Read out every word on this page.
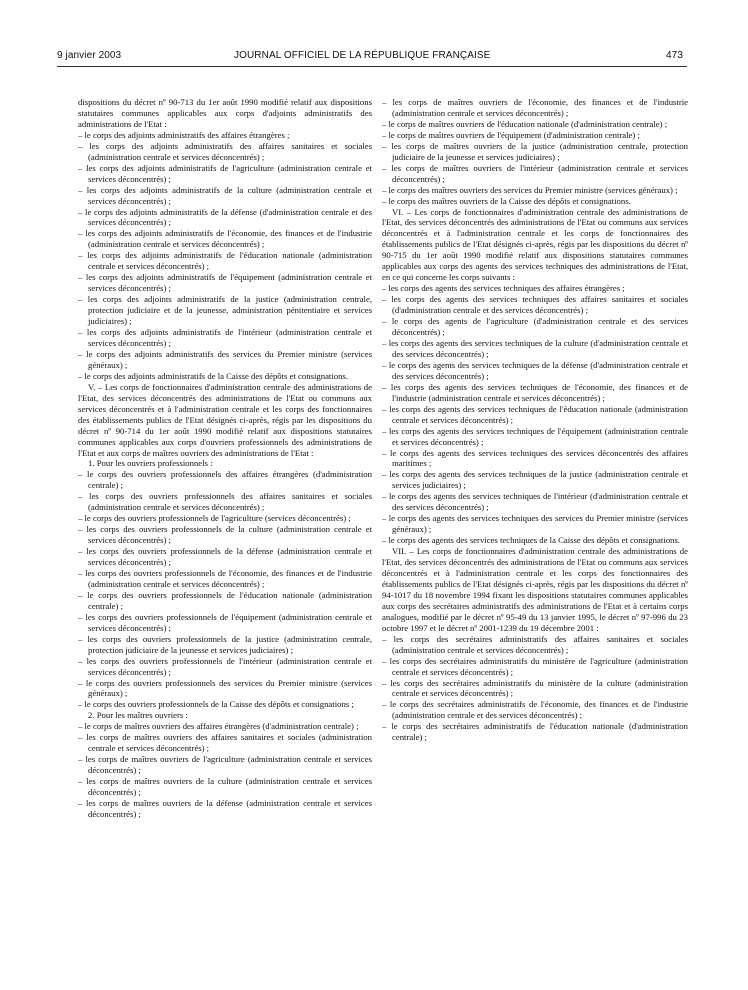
9 janvier 2003	JOURNAL OFFICIEL DE LA RÉPUBLIQUE FRANÇAISE	473

dispositions du décret nº 90-713 du 1er août 1990 modifié relatif aux dispositions statutaires communes applicables aux corps d'adjoints administratifs des administrations de l'Etat :

– le corps des adjoints administratifs des affaires étrangères ;

– les corps des adjoints administratifs des affaires sanitaires et sociales (administration centrale et services déconcentrés) ;

– les corps des adjoints administratifs de l'agriculture (administration centrale et services déconcentrés) ;

– les corps des adjoints administratifs de la culture (administration centrale et services déconcentrés) ;

– le corps des adjoints administratifs de la défense (d'administration centrale et des services déconcentrés) ;

– les corps des adjoints administratifs de l'économie, des finances et de l'industrie (administration centrale et services déconcentrés) ;

– les corps des adjoints administratifs de l'éducation nationale (administration centrale et services déconcentrés) ;

– les corps des adjoints administratifs de l'équipement (administration centrale et services déconcentrés) ;

– les corps des adjoints administratifs de la justice (administration centrale, protection judiciaire et de la jeunesse, administration pénitentiaire et services judiciaires) ;

– les corps des adjoints administratifs de l'intérieur (administration centrale et services déconcentrés) ;

– le corps des adjoints administratifs des services du Premier ministre (services généraux) ;

– le corps des adjoints administratifs de la Caisse des dépôts et consignations.

V. – Les corps de fonctionnaires d'administration centrale des administrations de l'Etat, des services déconcentrés des administrations de l'Etat ou communs aux services déconcentrés et à l'administration centrale et les corps des fonctionnaires des établissements publics de l'Etat désignés ci-après, régis par les dispositions du décret nº 90-714 du 1er août 1990 modifié relatif aux dispositions statutaires communes applicables aux corps d'ouvriers professionnels des administrations de l'Etat et aux corps de maîtres ouvriers des administrations de l'Etat :

1. Pour les ouvriers professionnels :

– le corps des ouvriers professionnels des affaires étrangères (d'administration centrale) ;

– les corps des ouvriers professionnels des affaires sanitaires et sociales (administration centrale et services déconcentrés) ;

– le corps des ouvriers professionnels de l'agriculture (services déconcentrés) ;

– les corps des ouvriers professionnels de la culture (administration centrale et services déconcentrés) ;

– les corps des ouvriers professionnels de la défense (administration centrale et services déconcentrés) ;

– les corps des ouvriers professionnels de l'économie, des finances et de l'industrie (administration centrale et services déconcentrés) ;

– le corps des ouvriers professionnels de l'éducation nationale (administration centrale) ;

– les corps des ouvriers professionnels de l'équipement (administration centrale et services déconcentrés) ;

– les corps des ouvriers professionnels de la justice (administration centrale, protection judiciaire de la jeunesse et services judiciaires) ;

– les corps des ouvriers professionnels de l'intérieur (administration centrale et services déconcentrés) ;

– le corps des ouvriers professionnels des services du Premier ministre (services généraux) ;

– le corps des ouvriers professionnels de la Caisse des dépôts et consignations ;

2. Pour les maîtres ouvriers :

– le corps de maîtres ouvriers des affaires étrangères (d'administration centrale) ;

– les corps de maîtres ouvriers des affaires sanitaires et sociales (administration centrale et services déconcentrés) ;

– les corps de maîtres ouvriers de l'agriculture (administration centrale et services déconcentrés) ;

– les corps de maîtres ouvriers de la culture (administration centrale et services déconcentrés) ;

– les corps de maîtres ouvriers de la défense (administration centrale et services déconcentrés) ;

– les corps de maîtres ouvriers de l'économie, des finances et de l'industrie (administration centrale et services déconcentrés) ;

– le corps de maîtres ouvriers de l'éducation nationale (d'administration centrale) ;

– le corps de maîtres ouvriers de l'équipement (d'administration centrale) ;

– les corps de maîtres ouvriers de la justice (administration centrale, protection judiciaire de la jeunesse et services judiciaires) ;

– les corps de maîtres ouvriers de l'intérieur (administration centrale et services déconcentrés) ;

– le corps des maîtres ouvriers des services du Premier ministre (services généraux) ;

– le corps des maîtres ouvriers de la Caisse des dépôts et consignations.

VI. – Les corps de fonctionnaires d'administration centrale des administrations de l'Etat, des services déconcentrés des administrations de l'Etat ou communs aux services déconcentrés et à l'administration centrale et les corps de fonctionnaires des établissements publics de l'Etat désignés ci-après, régis par les dispositions du décret nº 90-715 du 1er août 1990 modifié relatif aux dispositions statutaires communes applicables aux corps des agents des services techniques des administrations de l'Etat, en ce qui concerne les corps suivants :

– les corps des agents des services techniques des affaires étrangères ;

– les corps des agents des services techniques des affaires sanitaires et sociales (d'administration centrale et des services déconcentrés) ;

– le corps des agents de l'agriculture (d'administration centrale et des services déconcentrés) ;

– les corps des agents des services techniques de la culture (d'administration centrale et des services déconcentrés) ;

– le corps des agents des services techniques de la défense (d'administration centrale et des services déconcentrés) ;

– les corps des agents des services techniques de l'économie, des finances et de l'industrie (administration centrale et services déconcentrés) ;

– les corps des agents des services techniques de l'éducation nationale (administration centrale et services déconcentrés) ;

– les corps des agents des services techniques de l'équipement (administration centrale et services déconcentrés) ;

– le corps des agents des services techniques des services déconcentrés des affaires maritimes ;

– les corps des agents des services techniques de la justice (administration centrale et services judiciaires) ;

– le corps des agents des services techniques de l'intérieur (d'administration centrale et des services déconcentrés) ;

– le corps des agents des services techniques des services du Premier ministre (services généraux) ;

– le corps des agents des services techniques de la Caisse des dépôts et consignations.

VII. – Les corps de fonctionnaires d'administration centrale des administrations de l'Etat, des services déconcentrés des administrations de l'Etat ou communs aux services déconcentrés et à l'administration centrale et les corps des fonctionnaires des établissements publics de l'Etat désignés ci-après, régis par les dispositions du décret nº 94-1017 du 18 novembre 1994 fixant les dispositions statutaires communes applicables aux corps des secrétaires administratifs des administrations de l'Etat et à certains corps analogues, modifié par le décret nº 95-49 du 13 janvier 1995, le décret nº 97-996 du 23 octobre 1997 et le décret nº 2001-1239 du 19 décembre 2001 :

– les corps des secrétaires administratifs des affaires sanitaires et sociales (administration centrale et services déconcentrés) ;

– les corps des secrétaires administratifs du ministère de l'agriculture (administration centrale et services déconcentrés) ;

– les corps des secrétaires administratifs du ministère de la culture (administration centrale et services déconcentrés) ;

– le corps des secrétaires administratifs de l'économie, des finances et de l'industrie (administration centrale et des services déconcentrés) ;

– le corps des secrétaires administratifs de l'éducation nationale (d'administration centrale) ;
